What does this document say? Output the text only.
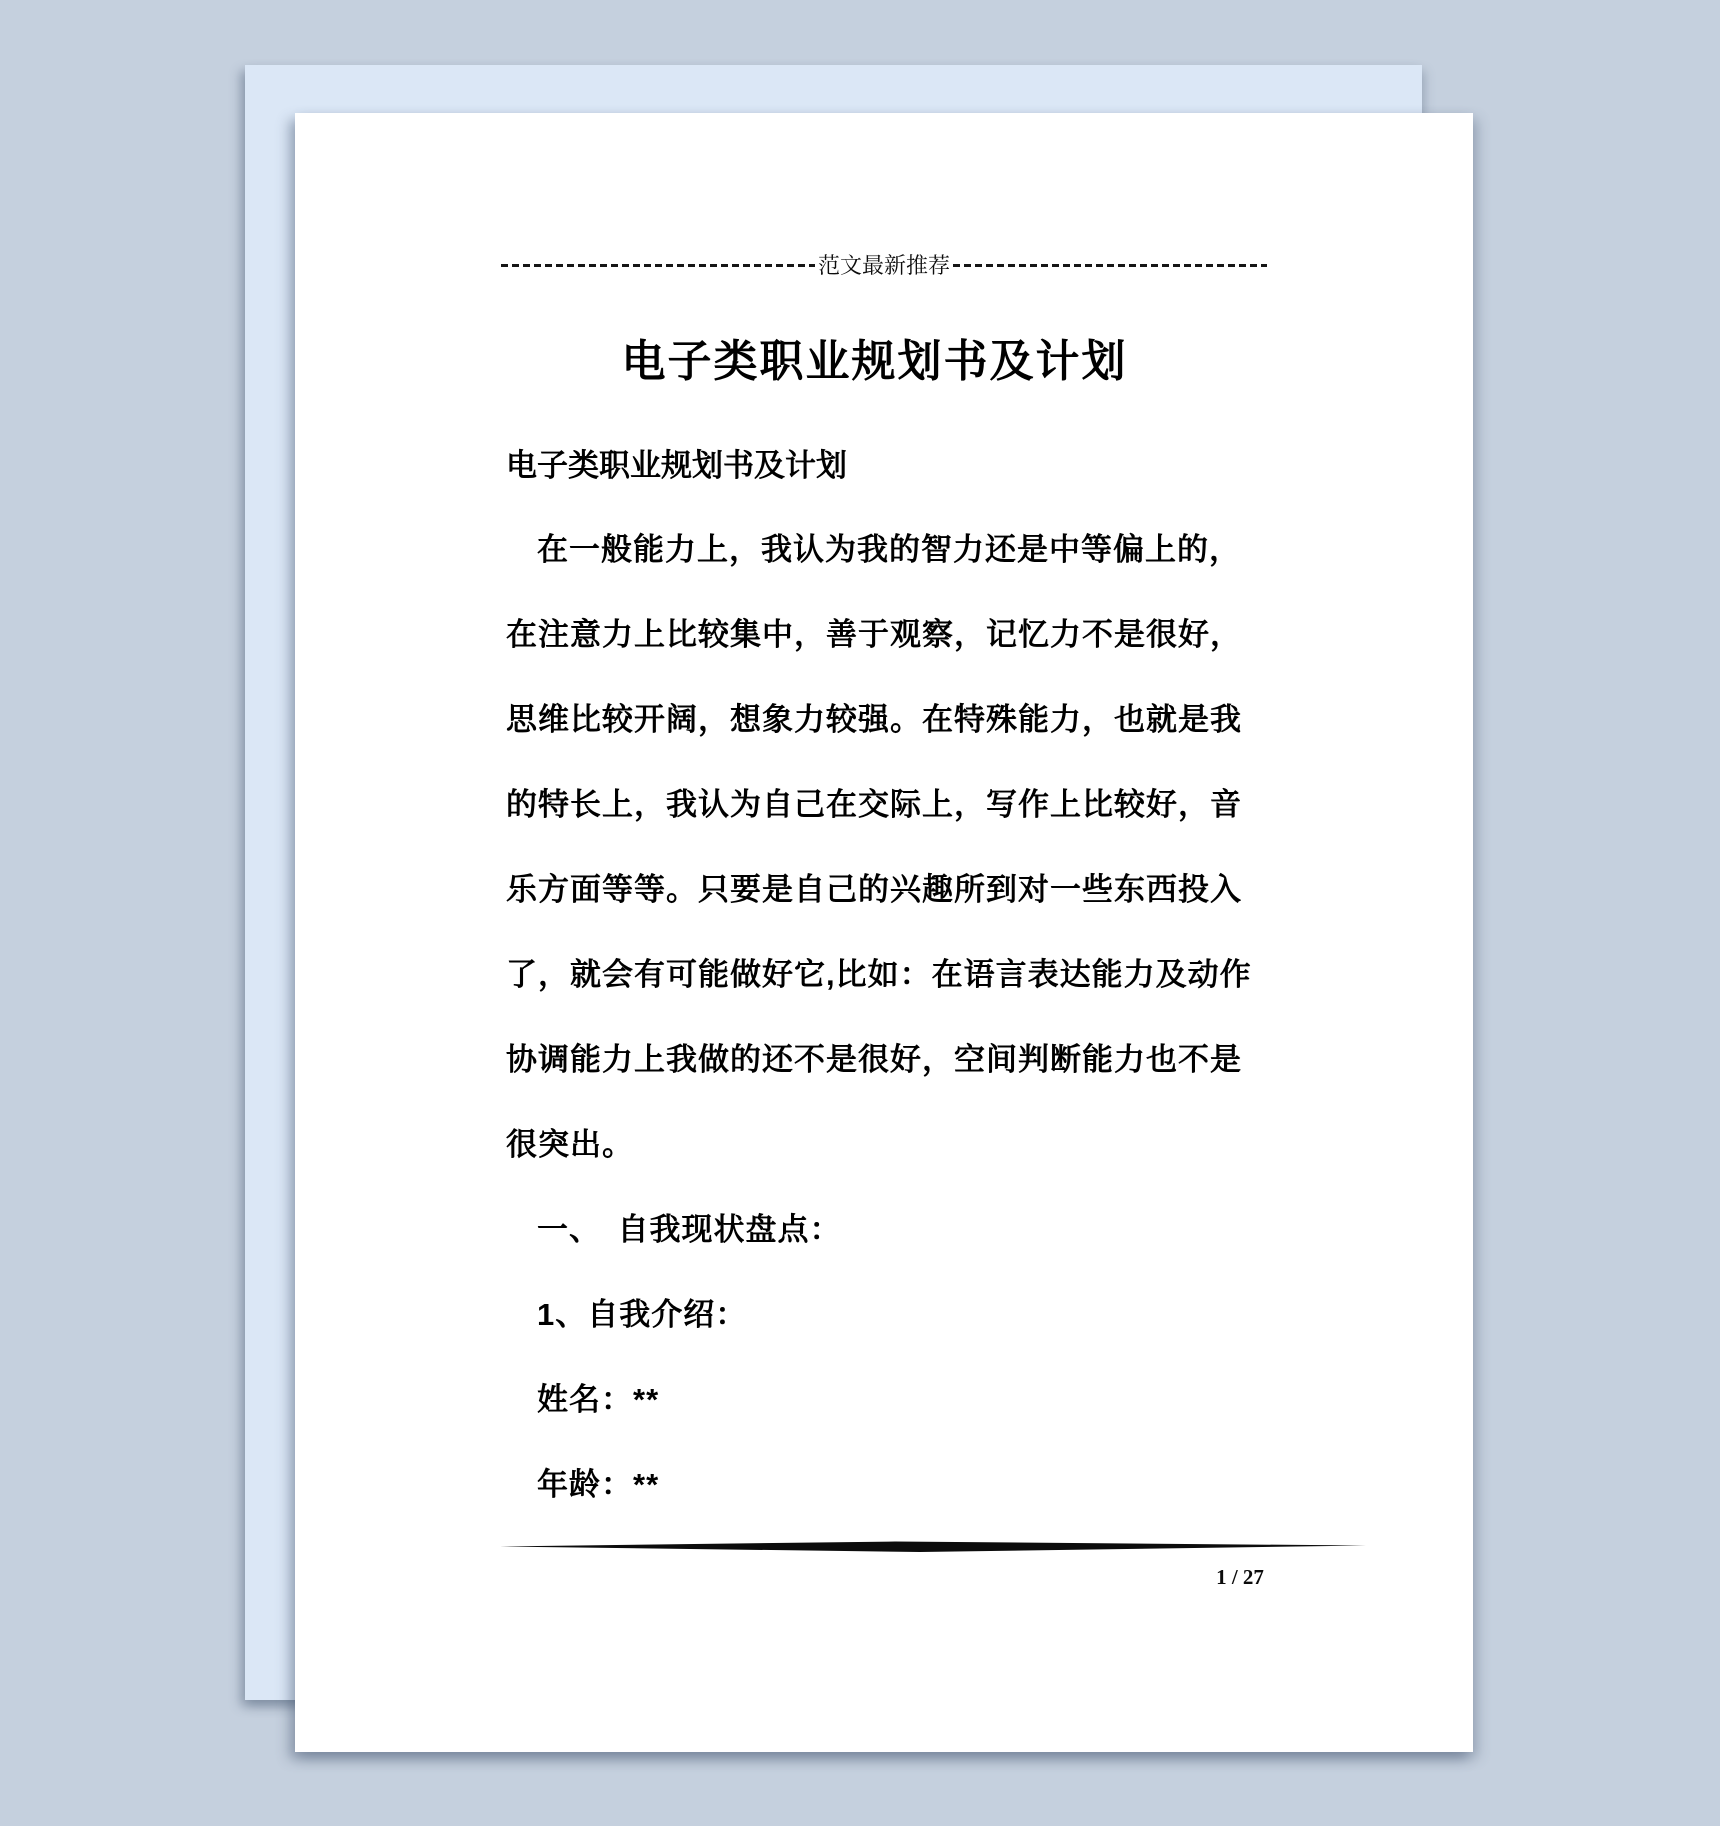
范文最新推荐
电子类职业规划书及计划
电子类职业规划书及计划
在一般能力上，我认为我的智力还是中等偏上的，
在注意力上比较集中，善于观察，记忆力不是很好，
思维比较开阔，想象力较强。在特殊能力，也就是我
的特长上，我认为自己在交际上，写作上比较好，音
乐方面等等。只要是自己的兴趣所到对一些东西投入
了，就会有可能做好它,比如：在语言表达能力及动作
协调能力上我做的还不是很好，空间判断能力也不是
很突出。
一、　自我现状盘点：
1、自我介绍：
姓名：**
年龄：**
1 / 27
